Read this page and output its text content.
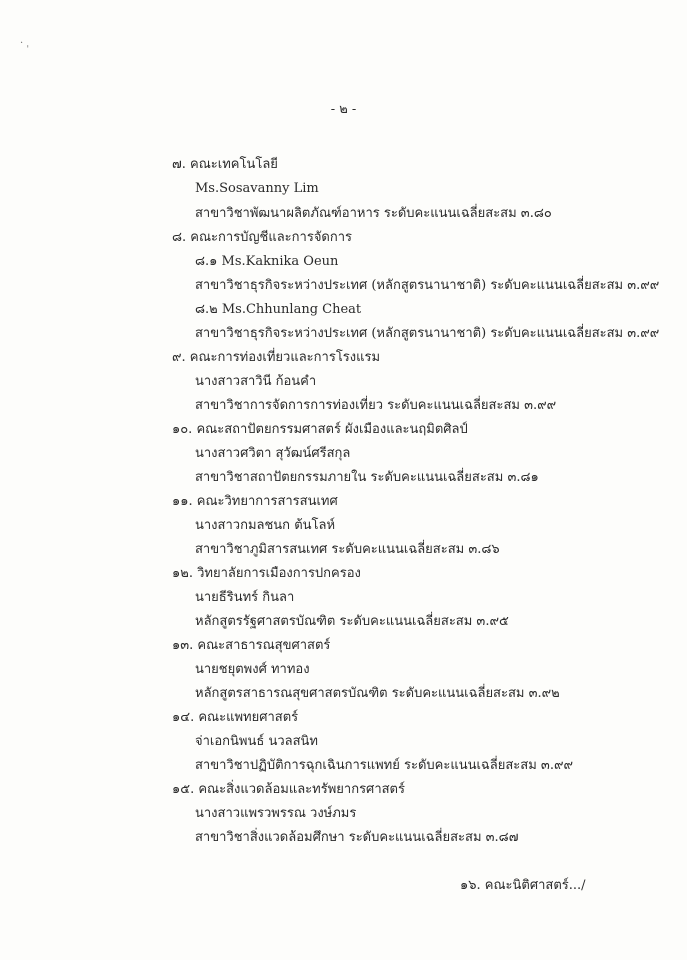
· ˌ
- ๒ -
๗. คณะเทคโนโลยี
Ms.Sosavanny Lim
สาขาวิชาพัฒนาผลิตภัณฑ์อาหาร ระดับคะแนนเฉลี่ยสะสม ๓.๘๐
๘. คณะการบัญชีและการจัดการ
๘.๑ Ms.Kaknika Oeun
สาขาวิชาธุรกิจระหว่างประเทศ (หลักสูตรนานาชาติ) ระดับคะแนนเฉลี่ยสะสม ๓.๙๙
๘.๒ Ms.Chhunlang Cheat
สาขาวิชาธุรกิจระหว่างประเทศ (หลักสูตรนานาชาติ) ระดับคะแนนเฉลี่ยสะสม ๓.๙๙
๙. คณะการท่องเที่ยวและการโรงแรม
นางสาวสาวินี ก้อนคำ
สาขาวิชาการจัดการการท่องเที่ยว ระดับคะแนนเฉลี่ยสะสม ๓.๙๙
๑๐. คณะสถาปัตยกรรมศาสตร์ ผังเมืองและนฤมิตศิลป์
นางสาวศวิตา สุวัฒน์ศรีสกุล
สาขาวิชาสถาปัตยกรรมภายใน ระดับคะแนนเฉลี่ยสะสม ๓.๘๑
๑๑. คณะวิทยาการสารสนเทศ
นางสาวกมลชนก ต้นโลห์
สาขาวิชาภูมิสารสนเทศ ระดับคะแนนเฉลี่ยสะสม ๓.๘๖
๑๒. วิทยาลัยการเมืองการปกครอง
นายธีรินทร์ กินลา
หลักสูตรรัฐศาสตรบัณฑิต ระดับคะแนนเฉลี่ยสะสม ๓.๙๕
๑๓. คณะสาธารณสุขศาสตร์
นายชยุตพงศ์ ทาทอง
หลักสูตรสาธารณสุขศาสตรบัณฑิต ระดับคะแนนเฉลี่ยสะสม ๓.๙๒
๑๔. คณะแพทยศาสตร์
จ่าเอกนิพนธ์ นวลสนิท
สาขาวิชาปฏิบัติการฉุกเฉินการแพทย์ ระดับคะแนนเฉลี่ยสะสม ๓.๙๙
๑๕. คณะสิ่งแวดล้อมและทรัพยากรศาสตร์
นางสาวแพรวพรรณ วงษ์ภมร
สาขาวิชาสิ่งแวดล้อมศึกษา ระดับคะแนนเฉลี่ยสะสม ๓.๘๗
๑๖. คณะนิติศาสตร์.../
